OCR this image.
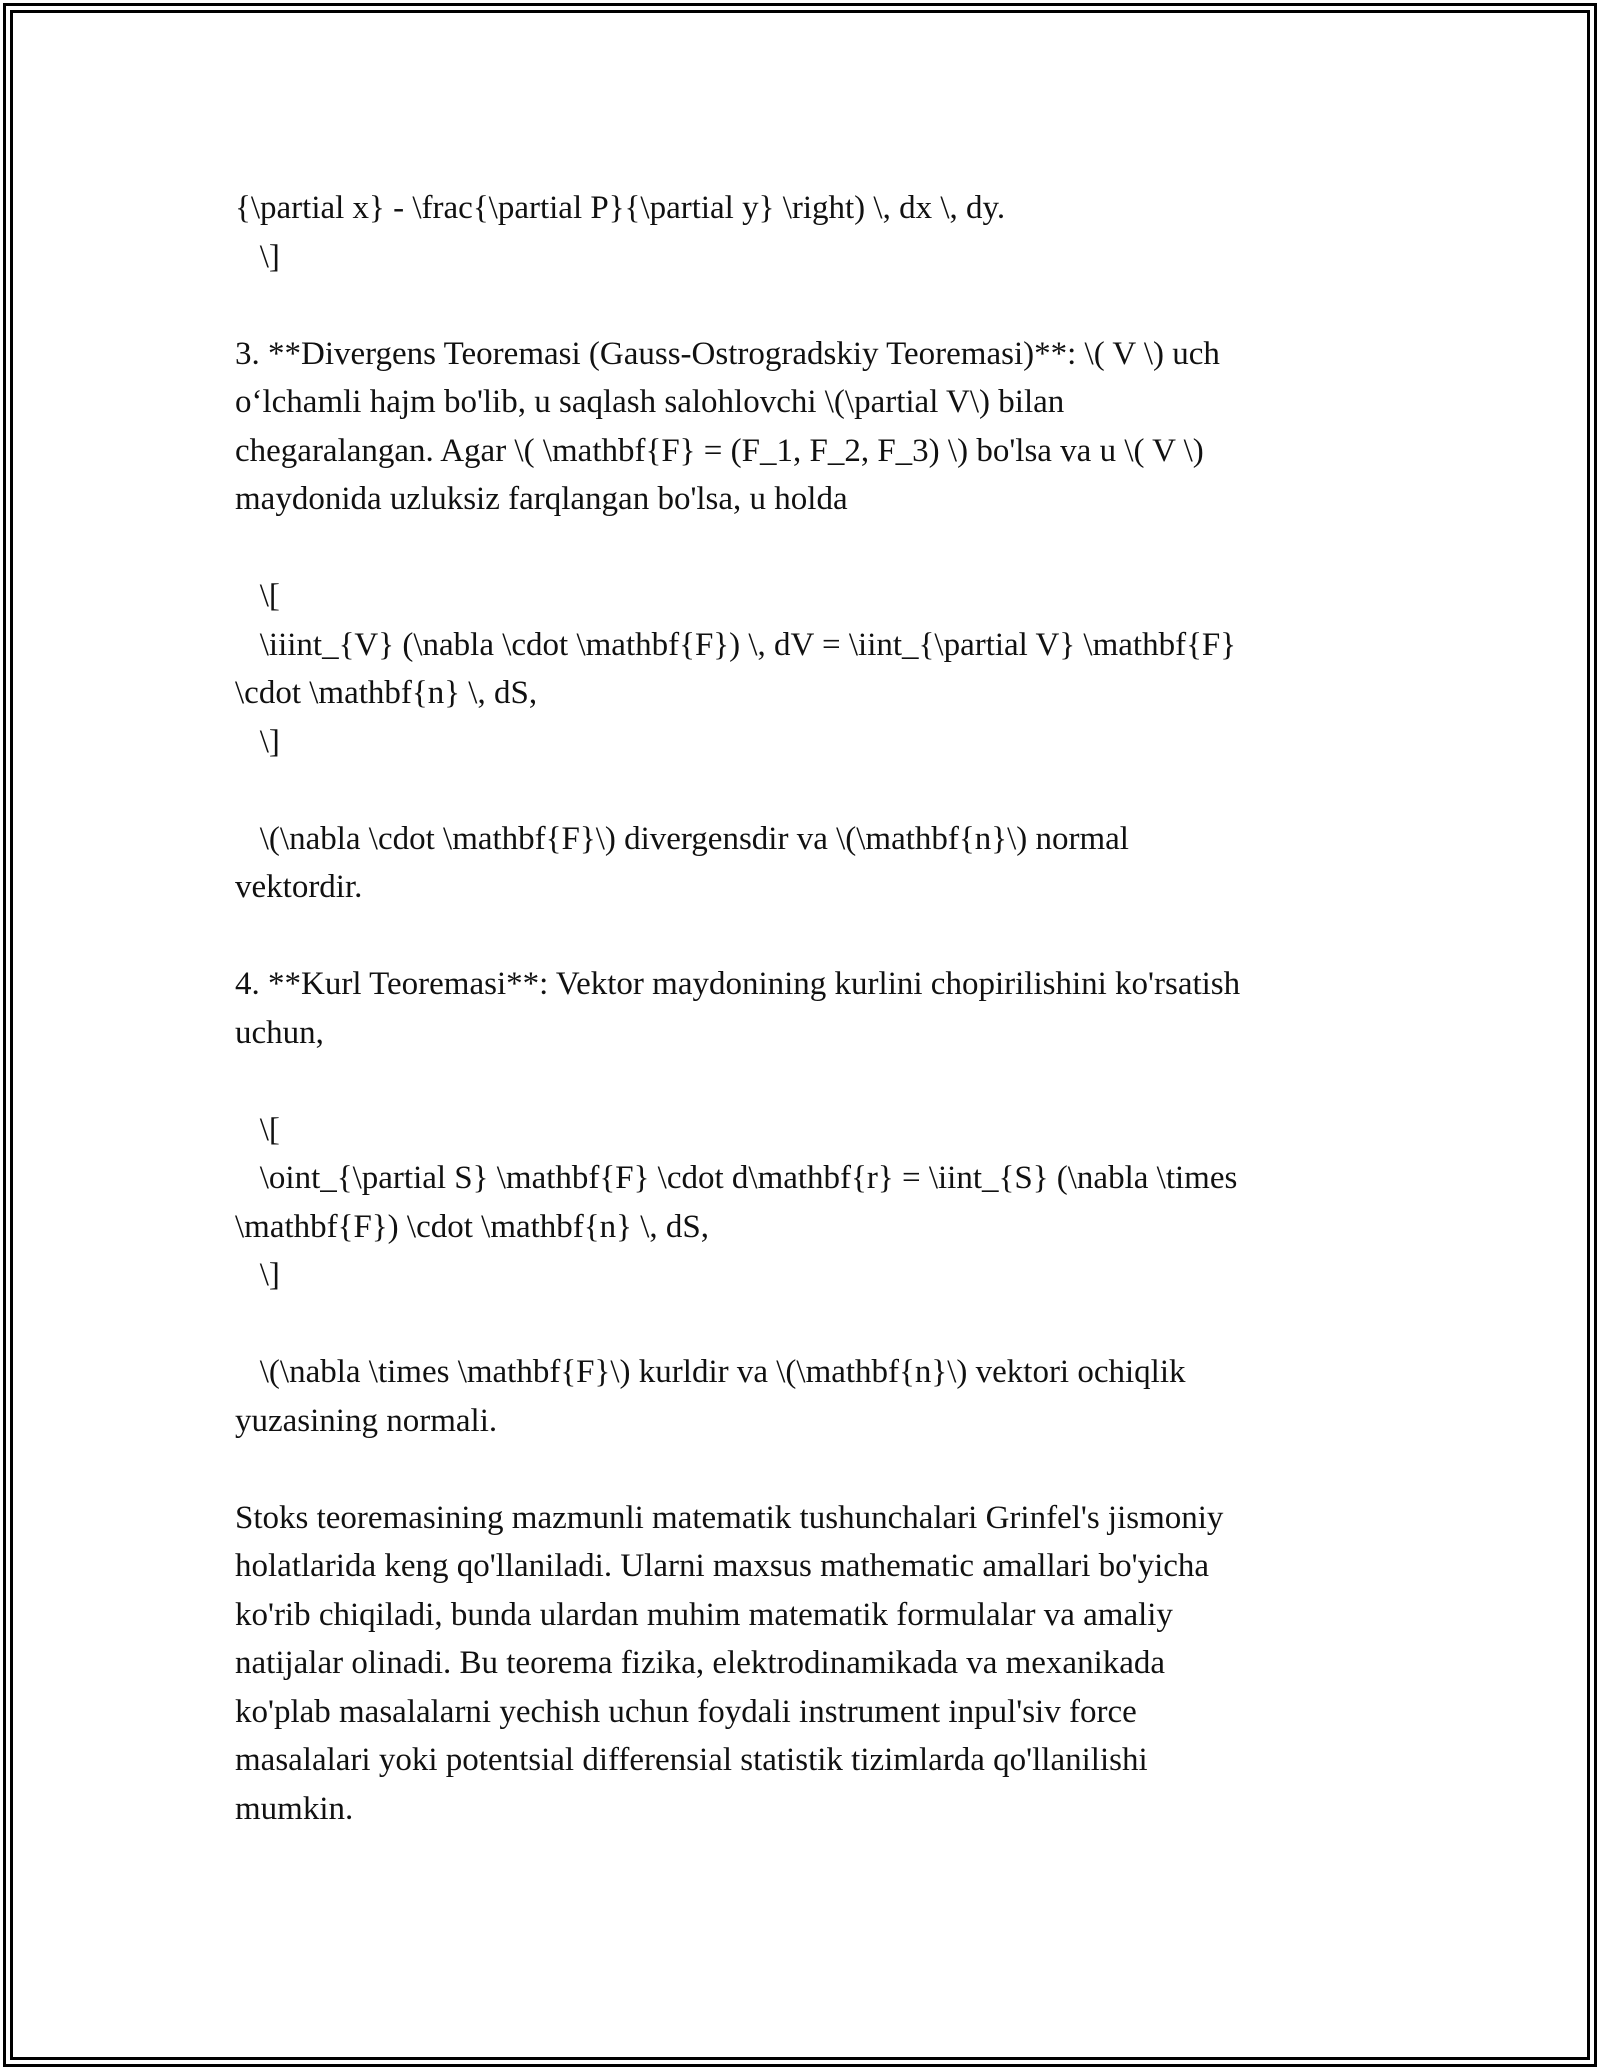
{\partial x} - \frac{\partial P}{\partial y} \right) \, dx \, dy.
\]
3. **Divergens Teoremasi (Gauss-Ostrogradskiy Teoremasi)**: \( V \) uch
o‘lchamli hajm bo'lib, u saqlash salohlovchi \(\partial V\) bilan
chegaralangan. Agar \( \mathbf{F} = (F_1, F_2, F_3) \) bo'lsa va u \( V \)
maydonida uzluksiz farqlangan bo'lsa, u holda
\[
\iiint_{V} (\nabla \cdot \mathbf{F}) \, dV = \iint_{\partial V} \mathbf{F}
\cdot \mathbf{n} \, dS,
\]
\(\nabla \cdot \mathbf{F}\) divergensdir va \(\mathbf{n}\) normal
vektordir.
4. **Kurl Teoremasi**: Vektor maydonining kurlini chopirilishini ko'rsatish
uchun,
\[
\oint_{\partial S} \mathbf{F} \cdot d\mathbf{r} = \iint_{S} (\nabla \times
\mathbf{F}) \cdot \mathbf{n} \, dS,
\]
\(\nabla \times \mathbf{F}\) kurldir va \(\mathbf{n}\) vektori ochiqlik
yuzasining normali.
Stoks teoremasining mazmunli matematik tushunchalari Grinfel's jismoniy
holatlarida keng qo'llaniladi. Ularni maxsus mathematic amallari bo'yicha
ko'rib chiqiladi, bunda ulardan muhim matematik formulalar va amaliy
natijalar olinadi. Bu teorema fizika, elektrodinamikada va mexanikada
ko'plab masalalarni yechish uchun foydali instrument inpul'siv force
masalalari yoki potentsial differensial statistik tizimlarda qo'llanilishi
mumkin.
